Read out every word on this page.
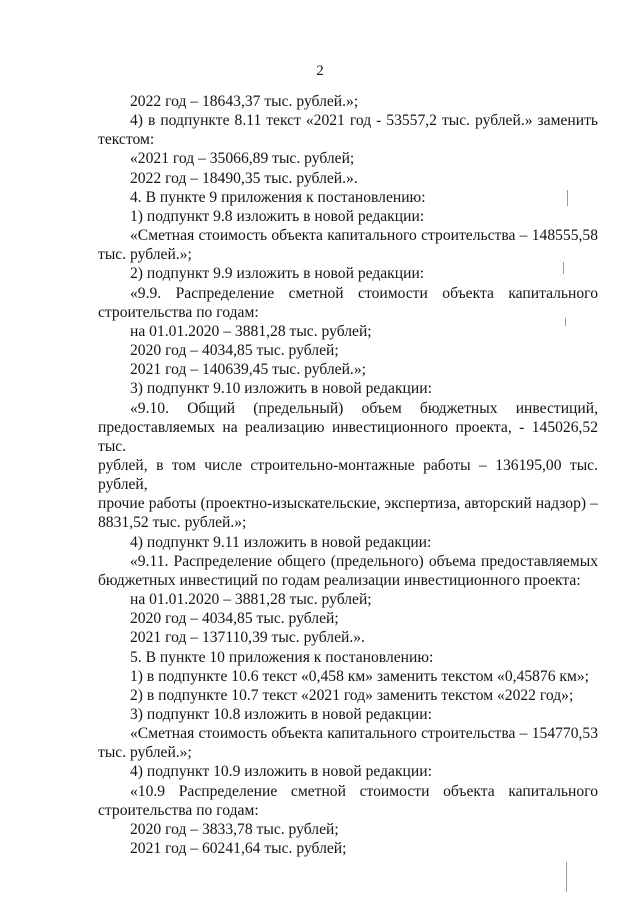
2

2022 год – 18643,37 тыс. рублей.»;

4) в подпункте 8.11 текст «2021 год - 53557,2 тыс. рублей.» заменить

текстом:

«2021 год – 35066,89 тыс. рублей;

2022 год – 18490,35 тыс. рублей.».

4. В пункте 9 приложения к постановлению:

1) подпункт 9.8 изложить в новой редакции:

«Сметная стоимость объекта капитального строительства – 148555,58

тыс. рублей.»;

2) подпункт 9.9 изложить в новой редакции:

«9.9. Распределение сметной стоимости объекта капитального

строительства по годам:

на 01.01.2020 – 3881,28 тыс. рублей;

2020 год – 4034,85 тыс. рублей;

2021 год – 140639,45 тыс. рублей.»;

3) подпункт 9.10 изложить в новой редакции:

«9.10. Общий (предельный) объем бюджетных инвестиций,

предоставляемых на реализацию инвестиционного проекта, - 145026,52 тыс.

рублей, в том числе строительно-монтажные работы – 136195,00 тыс. рублей,

прочие работы (проектно-изыскательские, экспертиза, авторский надзор) –

8831,52 тыс. рублей.»;

4) подпункт 9.11 изложить в новой редакции:

«9.11. Распределение общего (предельного) объема предоставляемых

бюджетных инвестиций по годам реализации инвестиционного проекта:

на 01.01.2020 – 3881,28 тыс. рублей;

2020 год – 4034,85 тыс. рублей;

2021 год – 137110,39 тыс. рублей.».

5. В пункте 10 приложения к постановлению:

1) в подпункте 10.6 текст «0,458 км» заменить текстом «0,45876 км»;

2) в подпункте 10.7 текст «2021 год» заменить текстом «2022 год»;

3) подпункт 10.8 изложить в новой редакции:

«Сметная стоимость объекта капитального строительства – 154770,53

тыс. рублей.»;

4) подпункт 10.9 изложить в новой редакции:

«10.9 Распределение сметной стоимости объекта капитального

строительства по годам:

2020 год – 3833,78 тыс. рублей;

2021 год – 60241,64 тыс. рублей;
